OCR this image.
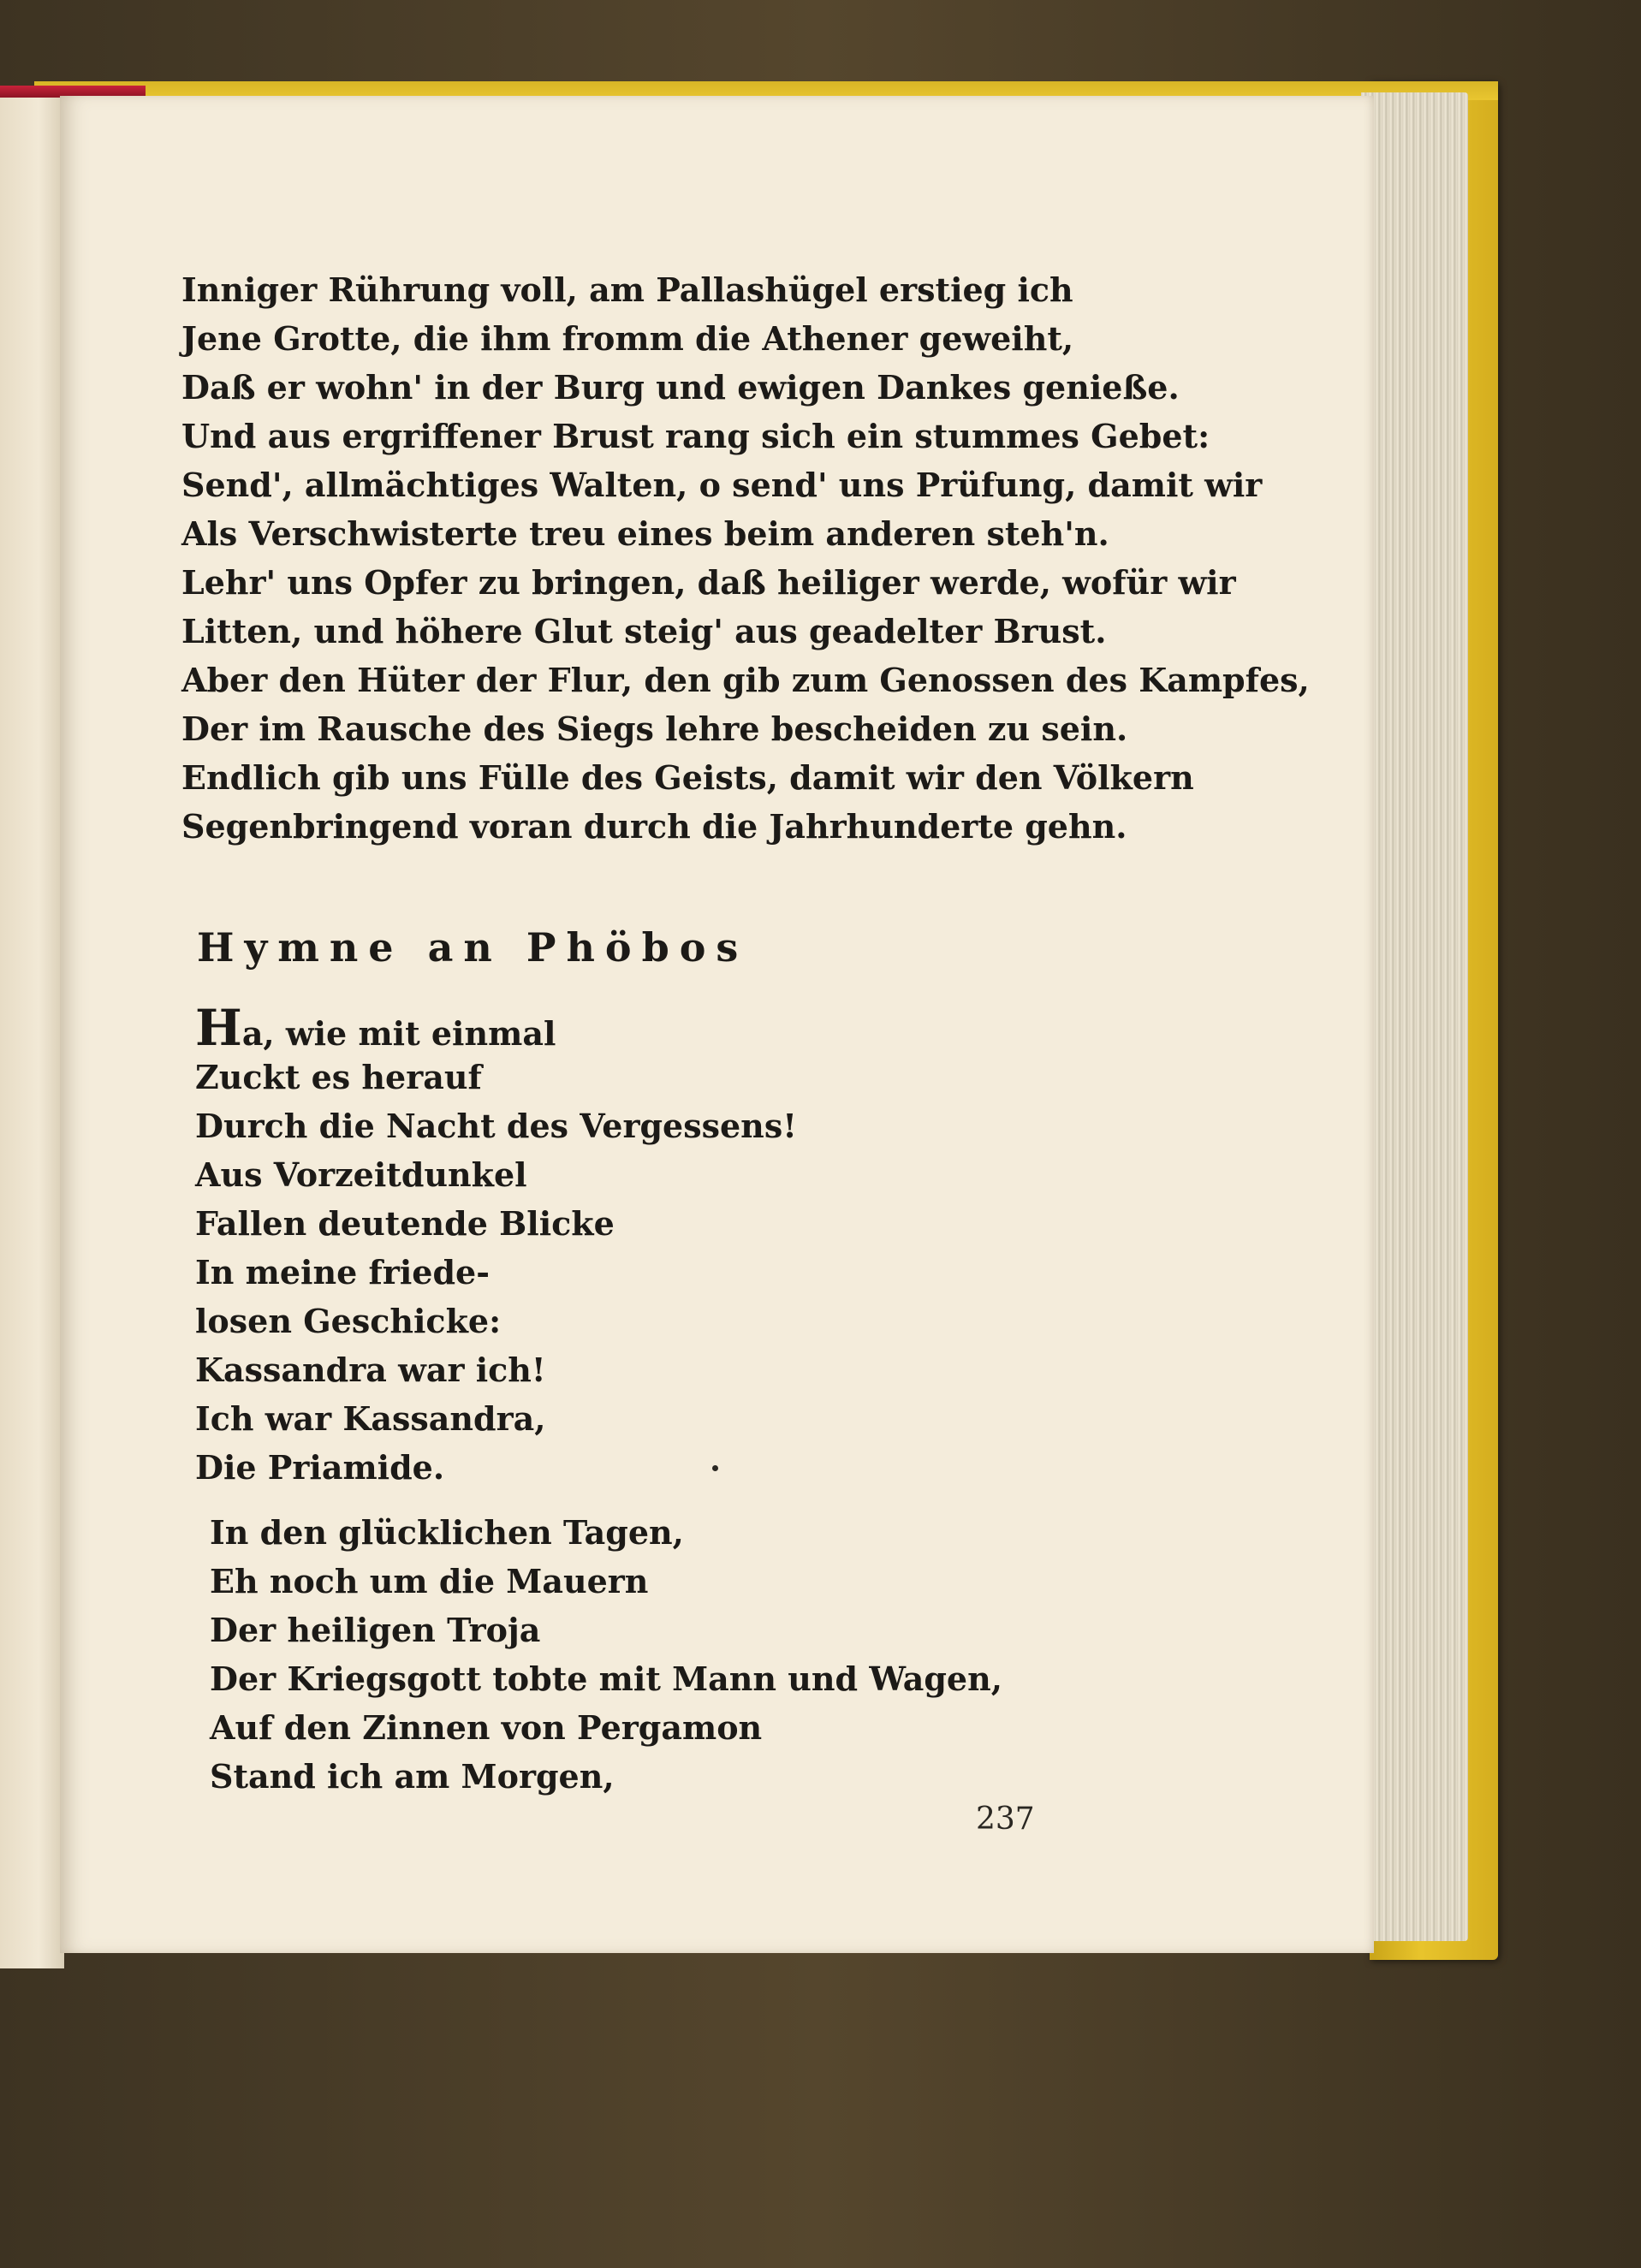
Inniger Rührung voll, am Pallashügel erstieg ich
Jene Grotte, die ihm fromm die Athener geweiht,
Daß er wohn' in der Burg und ewigen Dankes genieße.
Und aus ergriffener Brust rang sich ein stummes Gebet:
Send', allmächtiges Walten, o send' uns Prüfung, damit wir
Als Verschwisterte treu eines beim anderen steh'n.
Lehr' uns Opfer zu bringen, daß heiliger werde, wofür wir
Litten, und höhere Glut steig' aus geadelter Brust.
Aber den Hüter der Flur, den gib zum Genossen des Kampfes,
Der im Rausche des Siegs lehre bescheiden zu sein.
Endlich gib uns Fülle des Geists, damit wir den Völkern
Segenbringend voran durch die Jahrhunderte gehn.
Hymne an Phöbos
Ha, wie mit einmal
Zuckt es herauf
Durch die Nacht des Vergessens!
Aus Vorzeitdunkel
Fallen deutende Blicke
In meine friede-
losen Geschicke:
Kassandra war ich!
Ich war Kassandra,
Die Priamide.
In den glücklichen Tagen,
Eh noch um die Mauern
Der heiligen Troja
Der Kriegsgott tobte mit Mann und Wagen,
Auf den Zinnen von Pergamon
Stand ich am Morgen,
237
